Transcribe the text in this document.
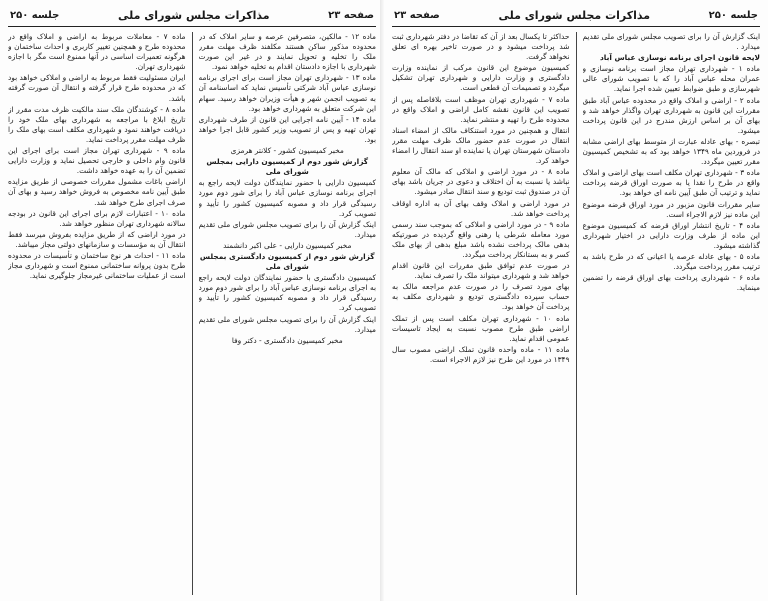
صفحه ۲۳
مذاکرات مجلس شورای ملی
جلسه ۲۵۰

ماده ۱۲ - مالکین، متصرفین عرصه و سایر املاک که در محدوده مذکور ساکن هستند مکلفند ظرف مهلت مقرر ملک را تخلیه و تحویل نمایند و در غیر این صورت شهرداری با اجازه دادستان اقدام به تخلیه خواهد نمود.

ماده ۱۳ - شهرداری تهران مجاز است برای اجرای برنامه نوسازی عباس آباد شرکتی تأسیس نماید که اساسنامه آن به تصویب انجمن شهر و هیأت وزیران خواهد رسید. سهام این شرکت متعلق به شهرداری خواهد بود.

ماده ۱۴ - آیین نامه اجرایی این قانون از طرف شهرداری تهران تهیه و پس از تصویب وزیر کشور قابل اجرا خواهد بود.

مخبر کمیسیون کشور - کلانتر هرمزی

گزارش شور دوم از کمیسیون دارایی بمجلس شورای ملی

کمیسیون دارایی با حضور نمایندگان دولت لایحه راجع به اجرای برنامه نوسازی عباس آباد را برای شور دوم مورد رسیدگی قرار داد و مصوبه کمیسیون کشور را تأیید و تصویب کرد.

اینک گزارش آن را برای تصویب مجلس شورای ملی تقدیم میدارد.

مخبر کمیسیون دارایی - علی اکبر دانشمند

گزارش شور دوم از کمیسیون دادگستری بمجلس شورای ملی

کمیسیون دادگستری با حضور نمایندگان دولت لایحه راجع به اجرای برنامه نوسازی عباس آباد را برای شور دوم مورد رسیدگی قرار داد و مصوبه کمیسیون کشور را تأیید و تصویب کرد.

اینک گزارش آن را برای تصویب مجلس شورای ملی تقدیم میدارد.

مخبر کمیسیون دادگستری - دکتر وفا

ماده ۷ - معاملات مربوط به اراضی و املاک واقع در محدوده طرح و همچنین تغییر کاربری و احداث ساختمان و هرگونه تعمیرات اساسی در آنها ممنوع است مگر با اجازه شهرداری تهران.

ایران مسئولیت فقط مربوط به اراضی و املاکی خواهد بود که در محدوده طرح قرار گرفته و انتقال آن صورت گرفته باشد.

ماده ۸ - کوشندگان ملک سند مالکیت ظرف مدت مقرر از تاریخ ابلاغ با مراجعه به شهرداری بهای ملک خود را دریافت خواهند نمود و شهرداری مکلف است بهای ملک را ظرف مهلت مقرر پرداخت نماید.

ماده ۹ - شهرداری تهران مجاز است برای اجرای این قانون وام داخلی و خارجی تحصیل نماید و وزارت دارایی تضمین آن را به عهده خواهد داشت.

اراضی باغات مشمول مقررات خصوصی از طریق مزایده طبق آیین نامه مخصوص به فروش خواهد رسید و بهای آن صرف اجرای طرح خواهد شد.

ماده ۱۰ - اعتبارات لازم برای اجرای این قانون در بودجه سالانه شهرداری تهران منظور خواهد شد.

در مورد اراضی که از طریق مزایده بفروش میرسد فقط انتقال آن به مؤسسات و سازمانهای دولتی مجاز میباشد.

ماده ۱۱ - احداث هر نوع ساختمان و تأسیسات در محدوده طرح بدون پروانه ساختمانی ممنوع است و شهرداری مجاز است از عملیات ساختمانی غیرمجاز جلوگیری نماید.

جلسه ۲۵۰
مذاکرات مجلس شورای ملی
صفحه ۲۳

اینک گزارش آن را برای تصویب مجلس شورای ملی تقدیم میدارد .

لایحه قانون اجرای برنامه نوسازی عباس آباد

ماده ۱ - شهرداری تهران مجاز است برنامه نوسازی و عمران محله عباس آباد را که با تصویب شورای عالی شهرسازی و طبق ضوابط تعیین شده اجرا نماید.

ماده ۲ - اراضی و املاک واقع در محدوده عباس آباد طبق مقررات این قانون به شهرداری تهران واگذار خواهد شد و بهای آن بر اساس ارزش مندرج در این قانون پرداخت میشود.

تبصره - بهای عادله عبارت از متوسط بهای اراضی مشابه در فروردین ماه ۱۳۴۹ خواهد بود که به تشخیص کمیسیون مقرر تعیین میگردد.

ماده ۳ - شهرداری تهران مکلف است بهای اراضی و املاک واقع در طرح را نقدا یا به صورت اوراق قرضه پرداخت نماید و ترتیب آن طبق آیین نامه ای خواهد بود.

سایر مقررات قانون مزبور در مورد اوراق قرضه موضوع این ماده نیز لازم الاجراء است.

ماده ۴ - تاریخ انتشار اوراق قرضه که کمیسیون موضوع این ماده از طرف وزارت دارایی در اختیار شهرداری گذاشته میشود.

ماده ۵ - بهای عادله عرصه یا اعیانی که در طرح باشد به ترتیب مقرر پرداخت میگردد.

ماده ۶ - شهرداری پرداخت بهای اوراق قرضه را تضمین مینماید.

حداکثر تا یکسال بعد از آن که تقاضا در دفتر شهرداری ثبت شد پرداخت میشود و در صورت تاخیر بهره ای تعلق نخواهد گرفت.

کمیسیون موضوع این قانون مرکب از نماینده وزارت دادگستری و وزارت دارایی و شهرداری تهران تشکیل میگردد و تصمیمات آن قطعی است.

ماده ۷ - شهرداری تهران موظف است بلافاصله پس از تصویب این قانون نقشه کامل اراضی و املاک واقع در محدوده طرح را تهیه و منتشر نماید.

انتقال و همچنین در مورد استنکاف مالک از امضاء اسناد انتقال در صورت عدم حضور مالک ظرف مهلت مقرر دادستان شهرستان تهران یا نماینده او سند انتقال را امضاء خواهد کرد.

ماده ۸ - در مورد اراضی و املاکی که مالک آن معلوم نباشد یا نسبت به آن اختلاف و دعوی در جریان باشد بهای آن در صندوق ثبت تودیع و سند انتقال صادر میشود.

در مورد اراضی و املاک وقف بهای آن به اداره اوقاف پرداخت خواهد شد.

ماده ۹ - در مورد اراضی و املاکی که بموجب سند رسمی مورد معامله شرطی یا رهنی واقع گردیده در صورتیکه بدهی مالک پرداخت نشده باشد مبلغ بدهی از بهای ملک کسر و به بستانکار پرداخت میگردد.

در صورت عدم توافق طبق مقررات این قانون اقدام خواهد شد و شهرداری میتواند ملک را تصرف نماید.

بهای مورد تصرف را در صورت عدم مراجعه مالک به حساب سپرده دادگستری تودیع و شهرداری مکلف به پرداخت آن خواهد بود.

ماده ۱۰ - شهرداری تهران مکلف است پس از تملک اراضی طبق طرح مصوب نسبت به ایجاد تاسیسات عمومی اقدام نماید.

ماده ۱۱ - ماده واحده قانون تملک اراضی مصوب سال ۱۳۴۹ در مورد این طرح نیز لازم الاجراء است.
